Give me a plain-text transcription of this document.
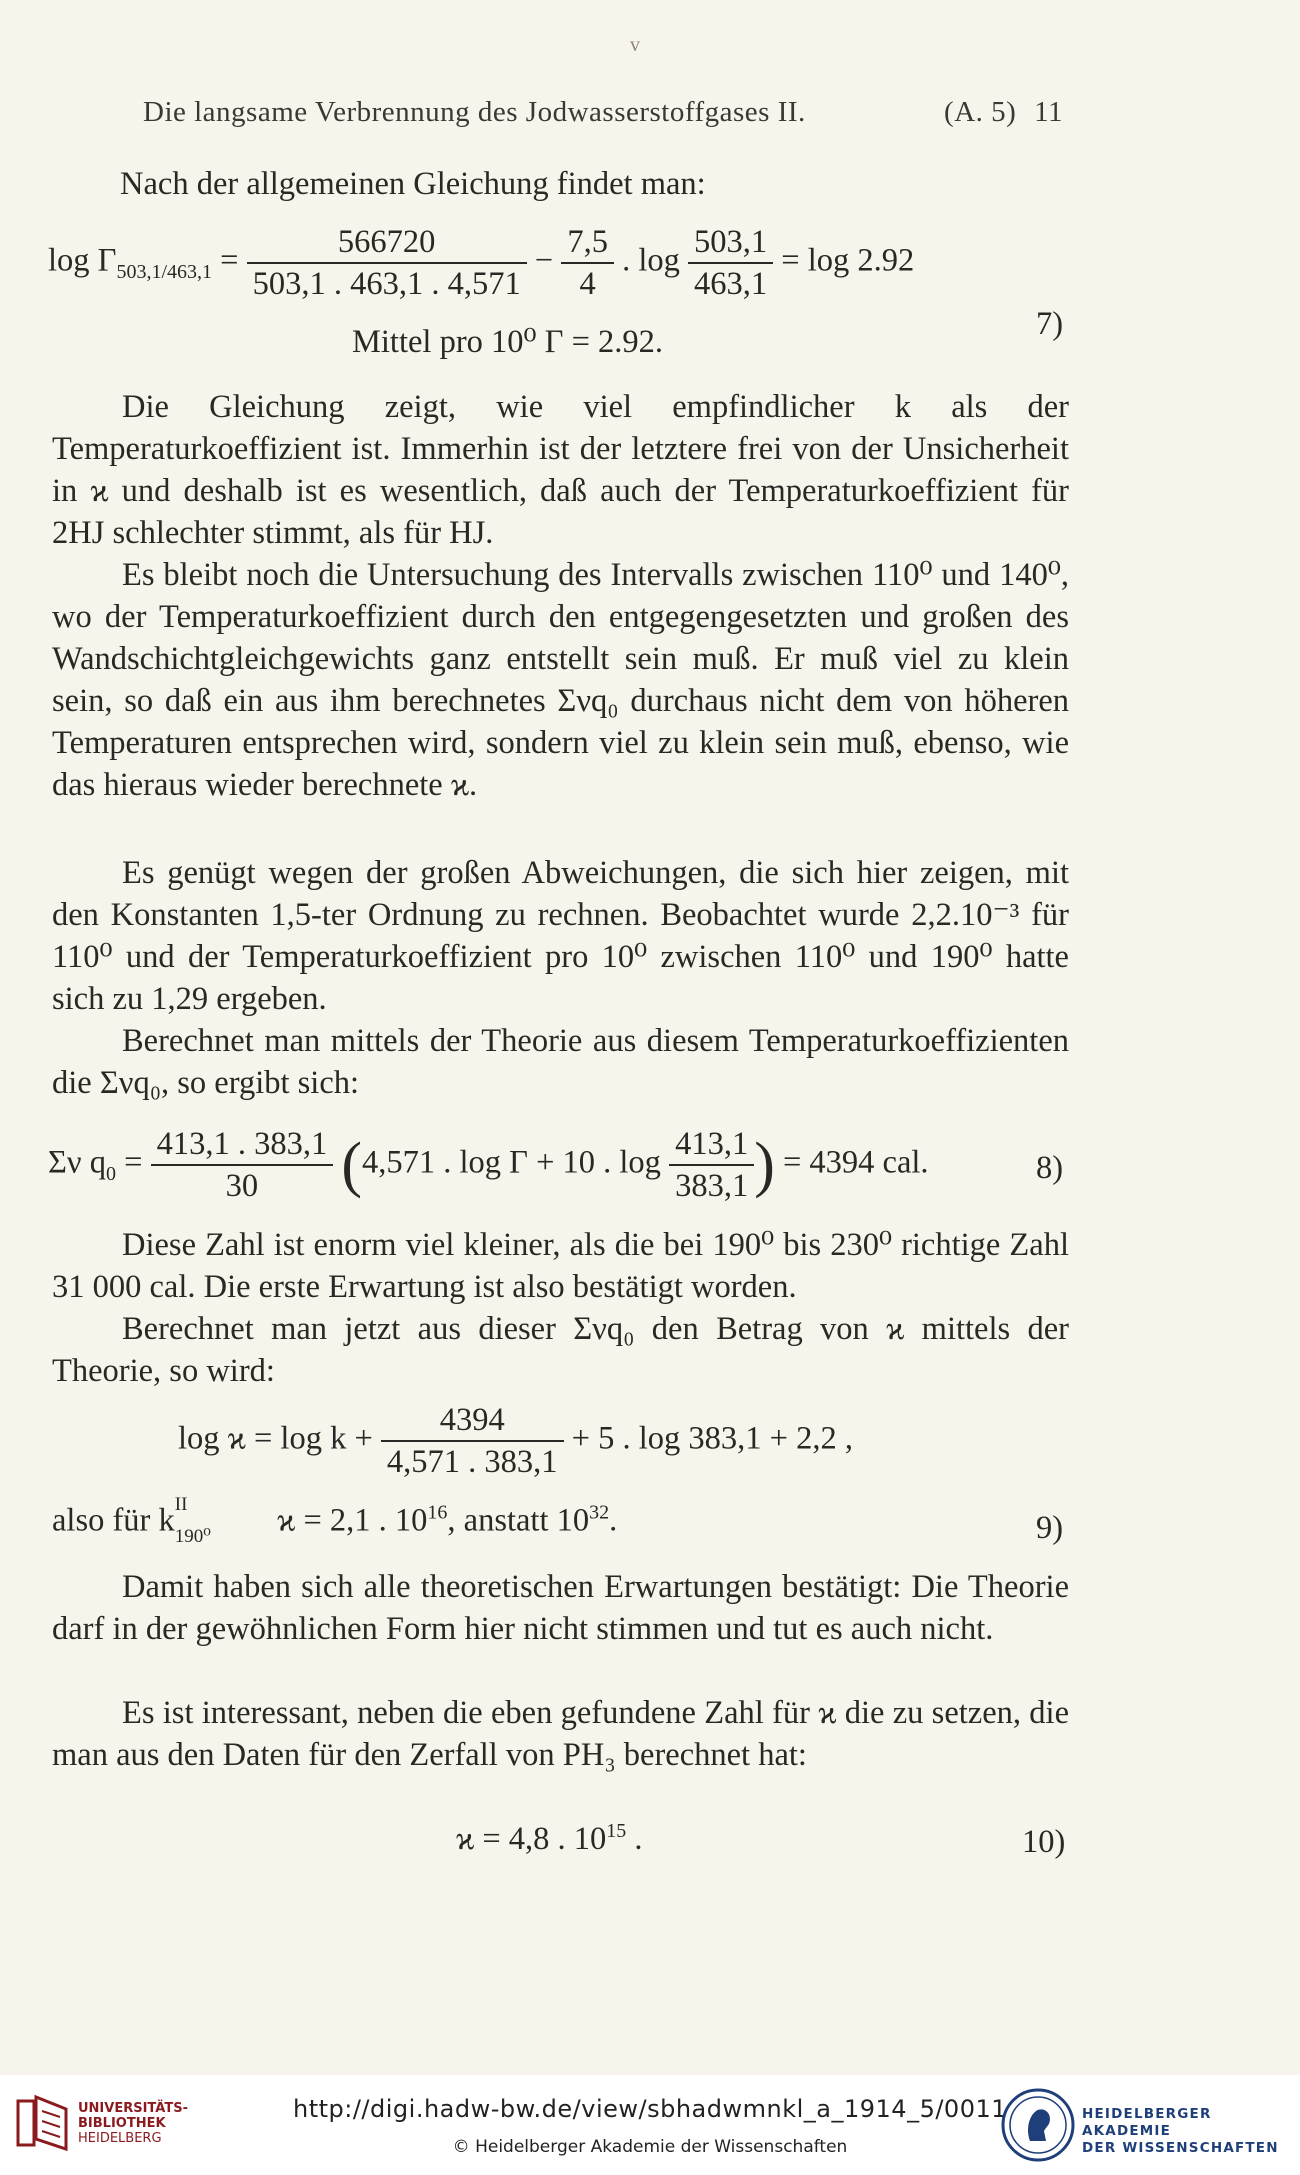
v
Die langsame Verbrennung des Jodwasserstoffgases II.	(A. 5) 11
Nach der allgemeinen Gleichung findet man:
$\log \Gamma_{503,1/463,1} = \frac{566720}{503,1 . 463,1 . 4,571} - \frac{7,5}{4}$ . $\log \frac{503,1}{463,1} = \log 2.92$
Mittel pro 10⁰ Γ = 2.92.	7)
Die Gleichung zeigt, wie viel empfindlicher k als der Temperaturkoeffizient ist. Immerhin ist der letztere frei von der Unsicherheit in ϰ und deshalb ist es wesentlich, daß auch der Temperaturkoeffizient für 2HJ schlechter stimmt, als für HJ.
Es bleibt noch die Untersuchung des Intervalls zwischen 110⁰ und 140⁰, wo der Temperaturkoeffizient durch den entgegengesetzten und großen des Wandschichtgleichgewichts ganz entstellt sein muß. Er muß viel zu klein sein, so daß ein aus ihm berechnetes Σνq₀ durchaus nicht dem von höheren Temperaturen entsprechen wird, sondern viel zu klein sein muß, ebenso, wie das hieraus wieder berechnete ϰ.
Es genügt wegen der großen Abweichungen, die sich hier zeigen, mit den Konstanten 1,5-ter Ordnung zu rechnen. Beobachtet wurde 2,2.10⁻³ für 110⁰ und der Temperaturkoeffizient pro 10⁰ zwischen 110⁰ und 190⁰ hatte sich zu 1,29 ergeben.
Berechnet man mittels der Theorie aus diesem Temperaturkoeffizienten die Σνq₀, so ergibt sich:
Σν $q_0 = \frac{413,1 . 383,1}{30} (4,571$ . log Γ + 10 . $\log \frac{413,1}{383,1}$ ) = 4394 cal.	8)
Diese Zahl ist enorm viel kleiner, als die bei 190⁰ bis 230⁰ richtige Zahl 31 000 cal. Die erste Erwartung ist also bestätigt worden.
Berechnet man jetzt aus dieser Σνq₀ den Betrag von ϰ mittels der Theorie, so wird:
$\log ϰ = \log k + \frac{4394}{4,571 . 383,1} + 5$ . log 383,1 + 2,2 ,
also für k II
190⁰ ϰ = 2,1 . $10^{16}$, anstatt $10^{32}$.	9)
Damit haben sich alle theoretischen Erwartungen bestätigt: Die Theorie darf in der gewöhnlichen Form hier nicht stimmen und tut es auch nicht.
Es ist interessant, neben die eben gefundene Zahl für ϰ die zu setzen, die man aus den Daten für den Zerfall von PH₃ berechnet hat:
ϰ = 4,8 . $10^{15}$ .	10)
UNIVERSITÄTS-
BIBLIOTHEK
HEIDELBERG
http://digi.hadw-bw.de/view/sbhadwmnkl_a_1914_5/0011
© Heidelberger Akademie der Wissenschaften
HEIDELBERGER AKADEMIE
DER WISSENSCHAFTEN
